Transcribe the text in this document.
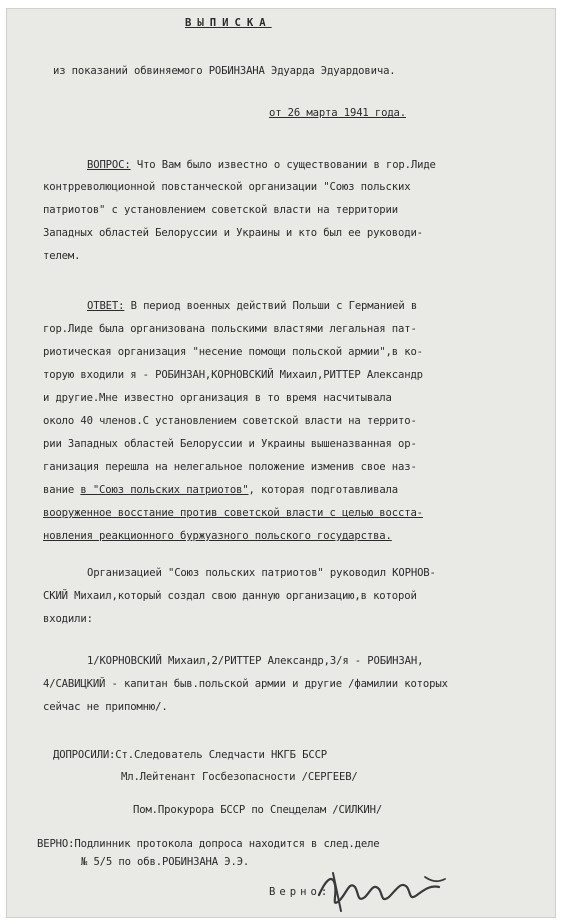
ВЫПИСКА
из показаний обвиняемого РОБИНЗАНА Эдуарда Эдуардовича.
от 26 марта 1941 года.
ВОПРОС: Что Вам было известно о существовании в гор.Лиде
контрреволюционной повстанческой организации "Союз польских
патриотов" с установлением советской власти на территории
Западных областей Белоруссии и Украины и кто был ее руководи-
телем.
ОТВЕТ: В период военных действий Польши с Германией в
гор.Лиде была организована польскими властями легальная пат-
риотическая организация "несение помощи польской армии",в ко-
торую входили я - РОБИНЗАН,КОРНОВСКИЙ Михаил,РИТТЕР Александр
и другие.Мне известно организация в то время насчитывала
около 40 членов.С установлением советской власти на террито-
рии Западных областей Белоруссии и Украины вышеназванная ор-
ганизация перешла на нелегальное положение изменив свое наз-
вание в "Союз польских патриотов", которая подготавливала
вооруженное восстание против советской власти с целью восста-
новления реакционного буржуазного польского государства.
Организацией "Союз польских патриотов" руководил КОРНОВ-
СКИЙ Михаил,который создал свою данную организацию,в которой
входили:
1/КОРНОВСКИЙ Михаил,2/РИТТЕР Александр,3/я - РОБИНЗАН,
4/САВИЦКИЙ - капитан быв.польской армии и другие /фамилии которых
сейчас не припомню/.
ДОПРОСИЛИ:Ст.Следователь Следчасти НКГБ БССР
Мл.Лейтенант Госбезопасности /СЕРГЕЕВ/
Пом.Прокурора БССР по Спецделам /СИЛКИН/
ВЕРНО:Подлинник протокола допроса находится в след.деле
№ 5/5 по обв.РОБИНЗАНА Э.Э.
Верно:
